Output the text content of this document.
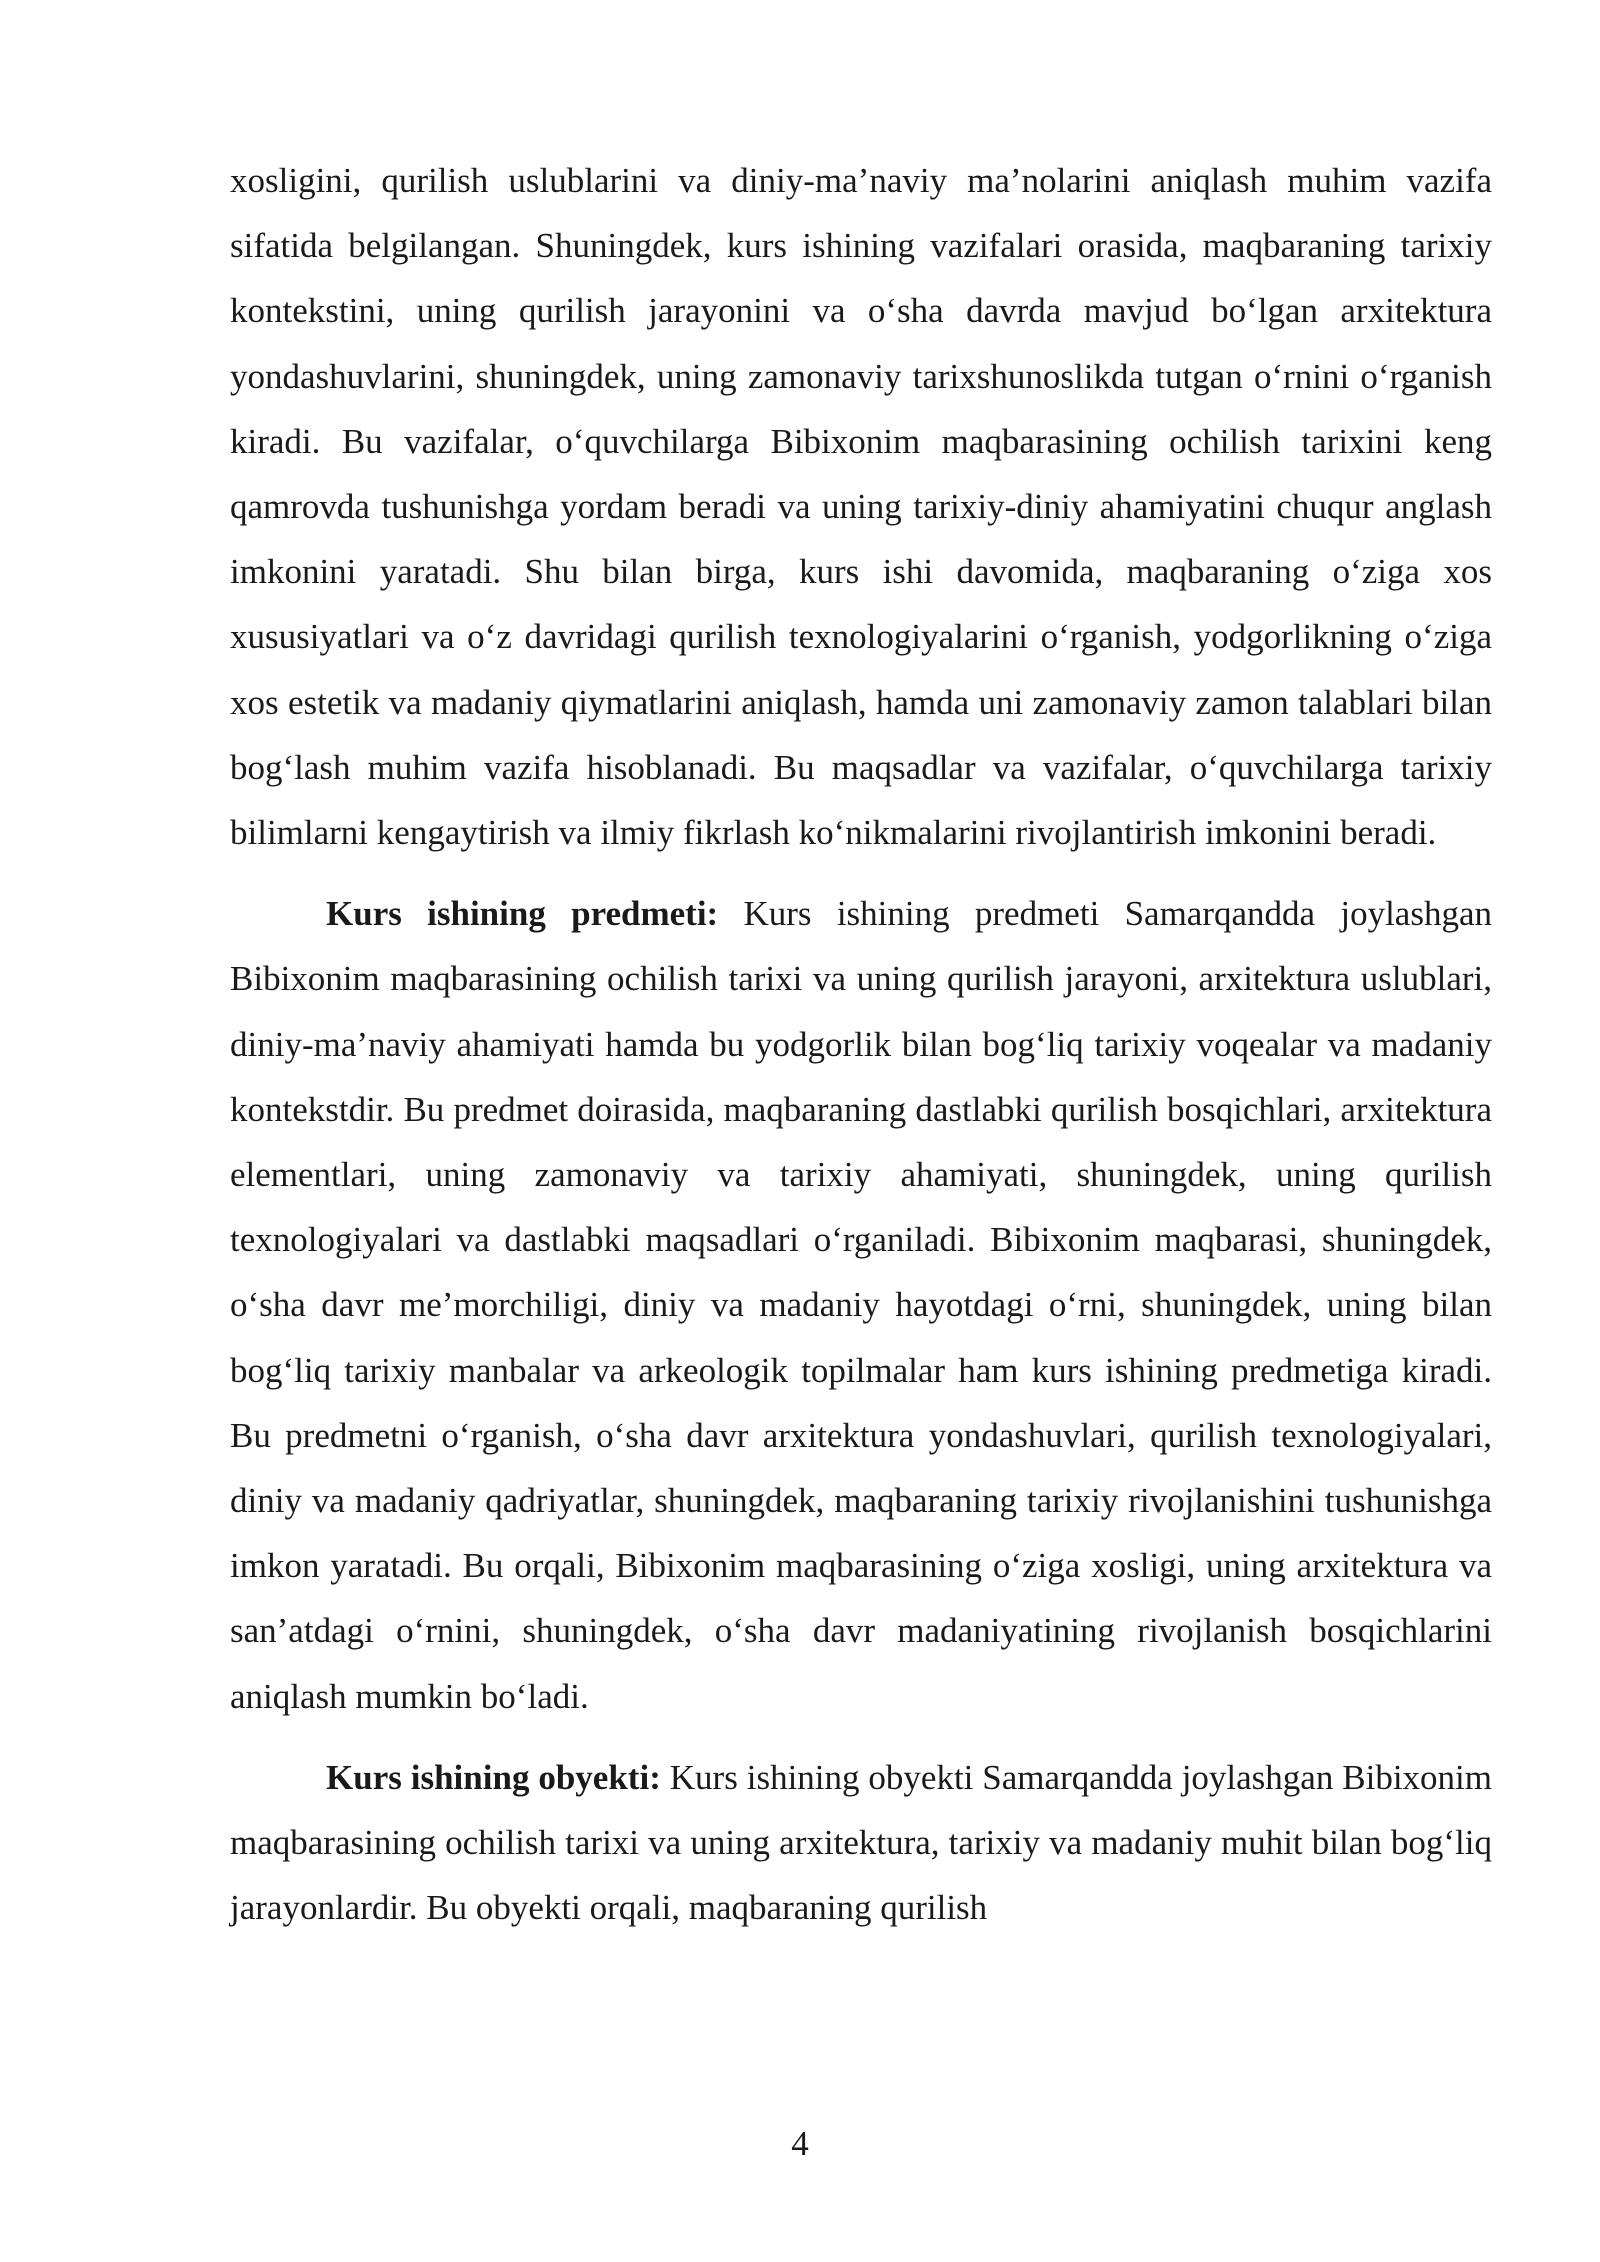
xosligini, qurilish uslublarini va diniy-ma’naviy ma’nolarini aniqlash muhim vazifa sifatida belgilangan. Shuningdek, kurs ishining vazifalari orasida, maqbaraning tarixiy kontekstini, uning qurilish jarayonini va o‘sha davrda mavjud bo‘lgan arxitektura yondashuvlarini, shuningdek, uning zamonaviy tarixshunoslikda tutgan o‘rnini o‘rganish kiradi. Bu vazifalar, o‘quvchilarga Bibixonim maqbarasining ochilish tarixini keng qamrovda tushunishga yordam beradi va uning tarixiy-diniy ahamiyatini chuqur anglash imkonini yaratadi. Shu bilan birga, kurs ishi davomida, maqbaraning o‘ziga xos xususiyatlari va o‘z davridagi qurilish texnologiyalarini o‘rganish, yodgorlikning o‘ziga xos estetik va madaniy qiymatlarini aniqlash, hamda uni zamonaviy zamon talablari bilan bog‘lash muhim vazifa hisoblanadi. Bu maqsadlar va vazifalar, o‘quvchilarga tarixiy bilimlarni kengaytirish va ilmiy fikrlash ko‘nikmalarini rivojlantirish imkonini beradi.

Kurs ishining predmeti: Kurs ishining predmeti Samarqandda joylashgan Bibixonim maqbarasining ochilish tarixi va uning qurilish jarayoni, arxitektura uslublari, diniy-ma’naviy ahamiyati hamda bu yodgorlik bilan bog‘liq tarixiy voqealar va madaniy kontekstdir. Bu predmet doirasida, maqbaraning dastlabki qurilish bosqichlari, arxitektura elementlari, uning zamonaviy va tarixiy ahamiyati, shuningdek, uning qurilish texnologiyalari va dastlabki maqsadlari o‘rganiladi. Bibixonim maqbarasi, shuningdek, o‘sha davr me’morchiligi, diniy va madaniy hayotdagi o‘rni, shuningdek, uning bilan bog‘liq tarixiy manbalar va arkeologik topilmalar ham kurs ishining predmetiga kiradi. Bu predmetni o‘rganish, o‘sha davr arxitektura yondashuvlari, qurilish texnologiyalari, diniy va madaniy qadriyatlar, shuningdek, maqbaraning tarixiy rivojlanishini tushunishga imkon yaratadi. Bu orqali, Bibixonim maqbarasining o‘ziga xosligi, uning arxitektura va san’atdagi o‘rnini, shuningdek, o‘sha davr madaniyatining rivojlanish bosqichlarini aniqlash mumkin bo‘ladi.

Kurs ishining obyekti: Kurs ishining obyekti Samarqandda joylashgan Bibixonim maqbarasining ochilish tarixi va uning arxitektura, tarixiy va madaniy muhit bilan bog‘liq jarayonlardir. Bu obyekti orqali, maqbaraning qurilish

4
